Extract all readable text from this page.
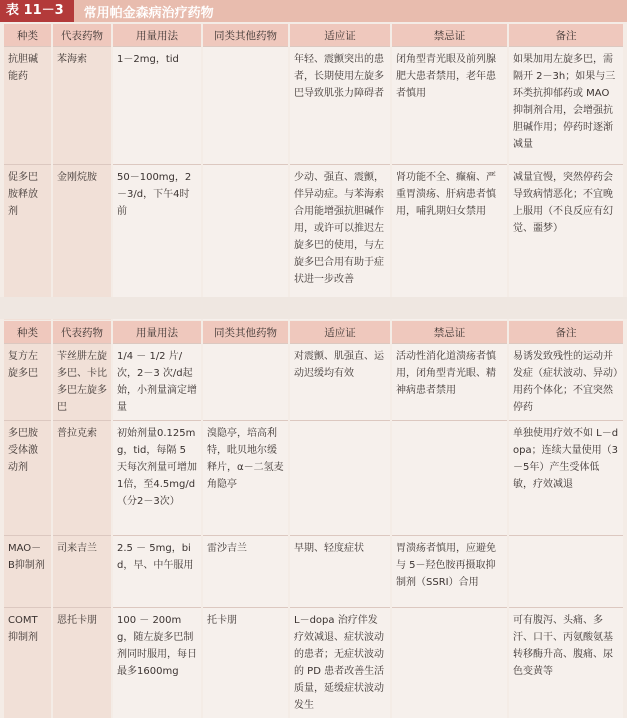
表 11－3	常用帕金森病治疗药物
种类	代表药物	用量用法	同类其他药物	适应证	禁忌证	备注
抗胆碱能药	苯海索	1－2mg，tid		年轻、震颤突出的患者，长期使用左旋多巴导致肌张力障碍者	闭角型青光眼及前列腺肥大患者禁用，老年患者慎用	如果加用左旋多巴，需隔开 2－3h；如果与三环类抗抑郁药或 MAO 抑制剂合用，会增强抗胆碱作用；停药时逐渐减量
促多巴胺释放剂	金刚烷胺	50－100mg，2－3/d，下午4时前		少动、强直、震颤，伴异动症。与苯海索合用能增强抗胆碱作用，或许可以推迟左旋多巴的使用，与左旋多巴合用有助于症状进一步改善	肾功能不全、癫痫、严重胃溃疡、肝病患者慎用，哺乳期妇女禁用	减量宜慢，突然停药会导致病情恶化；不宜晚上服用（不良反应有幻觉、噩梦）
种类	代表药物	用量用法	同类其他药物	适应证	禁忌证	备注
复方左旋多巴	苄丝肼左旋多巴、卡比多巴左旋多巴	1/4 － 1/2 片/次，2－3 次/d起始，小剂量滴定增量		对震颤、肌强直、运动迟缓均有效	活动性消化道溃疡者慎用，闭角型青光眼、精神病患者禁用	易诱发致残性的运动并发症（症状波动、异动）用药个体化；不宜突然停药
多巴胺受体激动剂	普拉克索	初始剂量0.125mg，tid，每隔 5 天每次剂量可增加1倍，至4.5mg/d（分2－3次）	溴隐亭，培高利特，吡贝地尔缓释片，α－二氢麦角隐亭			单独使用疗效不如 L－dopa；连续大量使用（3－5年）产生受体低敏，疗效减退
MAO－B抑制剂	司来吉兰	2.5 － 5mg，bid，早、中午服用	雷沙吉兰	早期、轻度症状	胃溃疡者慎用，应避免与 5－羟色胺再摄取抑制剂（SSRI）合用	
COMT抑制剂	恩托卡朋	100 － 200mg，随左旋多巴制剂同时服用，每日最多1600mg	托卡朋	L－dopa 治疗伴发疗效减退、症状波动的患者；无症状波动的 PD 患者改善生活质量，延缓症状波动发生		可有腹泻、头痛、多汗、口干、丙氨酸氨基转移酶升高、腹痛、尿色变黄等
